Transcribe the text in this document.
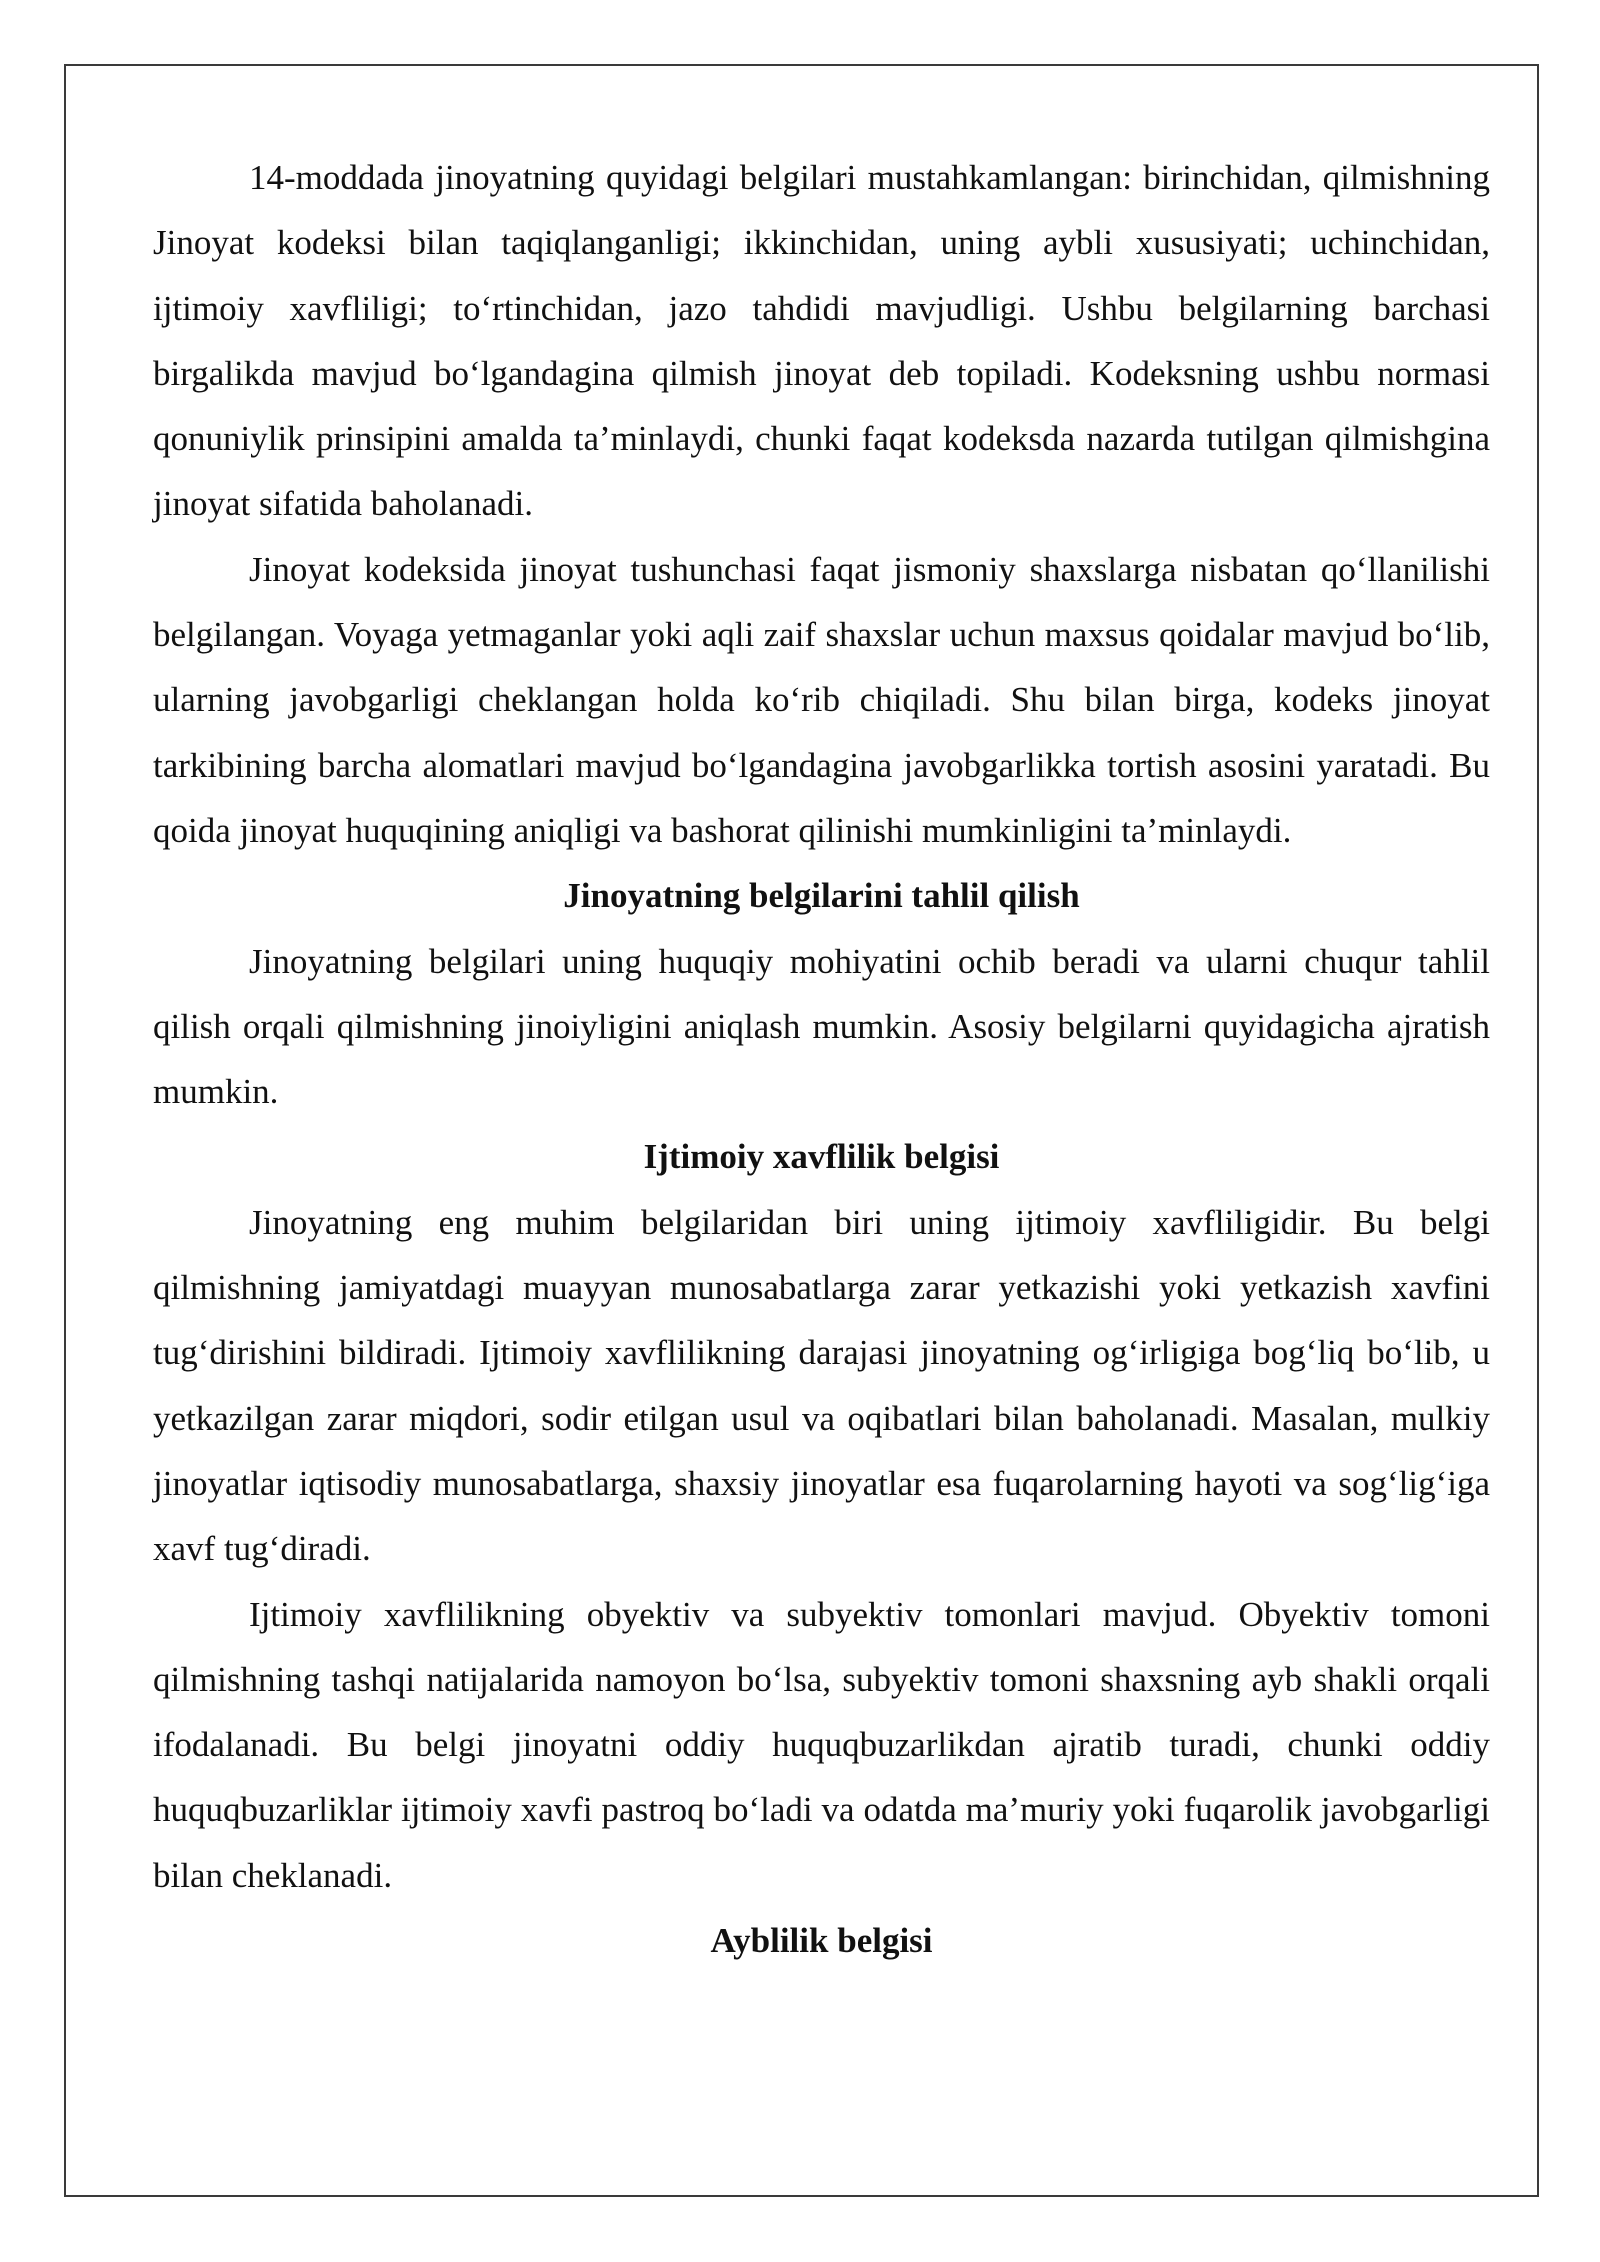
14-moddada jinoyatning quyidagi belgilari mustahkamlangan: birinchidan, qilmishning Jinoyat kodeksi bilan taqiqlanganligi; ikkinchidan, uning aybli xususiyati; uchinchidan, ijtimoiy xavfliligi; to‘rtinchidan, jazo tahdidi mavjudligi. Ushbu belgilarning barchasi birgalikda mavjud bo‘lgandagina qilmish jinoyat deb topiladi. Kodeksning ushbu normasi qonuniylik prinsipini amalda ta’minlaydi, chunki faqat kodeksda nazarda tutilgan qilmishgina jinoyat sifatida baholanadi.

Jinoyat kodeksida jinoyat tushunchasi faqat jismoniy shaxslarga nisbatan qo‘llanilishi belgilangan. Voyaga yetmaganlar yoki aqli zaif shaxslar uchun maxsus qoidalar mavjud bo‘lib, ularning javobgarligi cheklangan holda ko‘rib chiqiladi. Shu bilan birga, kodeks jinoyat tarkibining barcha alomatlari mavjud bo‘lgandagina javobgarlikka tortish asosini yaratadi. Bu qoida jinoyat huquqining aniqligi va bashorat qilinishi mumkinligini ta’minlaydi.

Jinoyatning belgilarini tahlil qilish

Jinoyatning belgilari uning huquqiy mohiyatini ochib beradi va ularni chuqur tahlil qilish orqali qilmishning jinoiyligini aniqlash mumkin. Asosiy belgilarni quyidagicha ajratish mumkin.

Ijtimoiy xavflilik belgisi

Jinoyatning eng muhim belgilaridan biri uning ijtimoiy xavfliligidir. Bu belgi qilmishning jamiyatdagi muayyan munosabatlarga zarar yetkazishi yoki yetkazish xavfini tug‘dirishini bildiradi. Ijtimoiy xavflilikning darajasi jinoyatning og‘irligiga bog‘liq bo‘lib, u yetkazilgan zarar miqdori, sodir etilgan usul va oqibatlari bilan baholanadi. Masalan, mulkiy jinoyatlar iqtisodiy munosabatlarga, shaxsiy jinoyatlar esa fuqarolarning hayoti va sog‘lig‘iga xavf tug‘diradi.

Ijtimoiy xavflilikning obyektiv va subyektiv tomonlari mavjud. Obyektiv tomoni qilmishning tashqi natijalarida namoyon bo‘lsa, subyektiv tomoni shaxsning ayb shakli orqali ifodalanadi. Bu belgi jinoyatni oddiy huquqbuzarlikdan ajratib turadi, chunki oddiy huquqbuzarliklar ijtimoiy xavfi pastroq bo‘ladi va odatda ma’muriy yoki fuqarolik javobgarligi bilan cheklanadi.

Ayblilik belgisi
